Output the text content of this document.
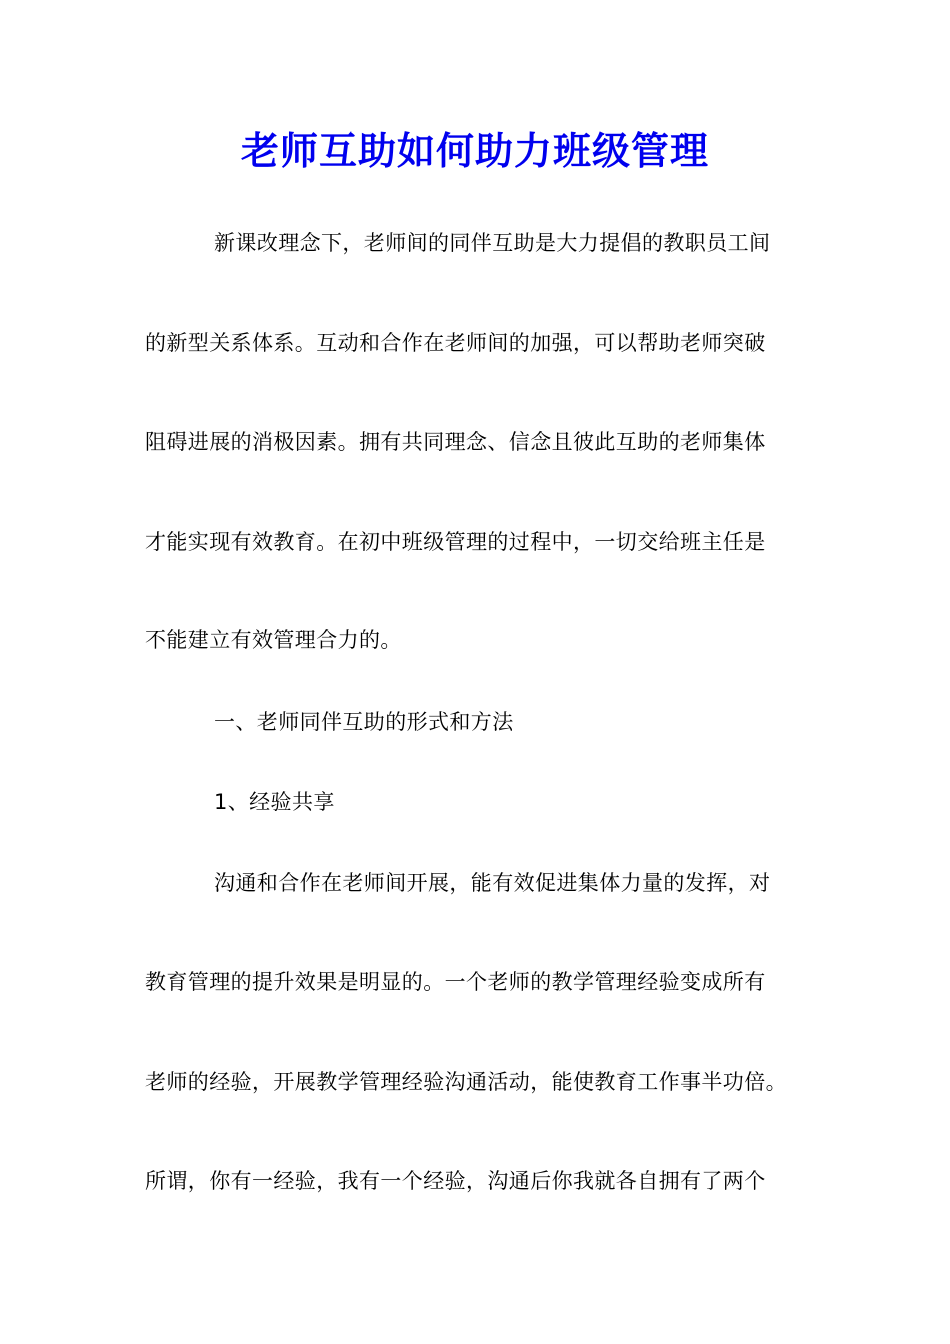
老师互助如何助力班级管理
新课改理念下，老师间的同伴互助是大力提倡的教职员工间
的新型关系体系。互动和合作在老师间的加强，可以帮助老师突破
阻碍进展的消极因素。拥有共同理念、信念且彼此互助的老师集体
才能实现有效教育。在初中班级管理的过程中，一切交给班主任是
不能建立有效管理合力的。
一、老师同伴互助的形式和方法
1、经验共享
沟通和合作在老师间开展，能有效促进集体力量的发挥，对
教育管理的提升效果是明显的。一个老师的教学管理经验变成所有
老师的经验，开展教学管理经验沟通活动，能使教育工作事半功倍。
所谓，你有一经验，我有一个经验，沟通后你我就各自拥有了两个
